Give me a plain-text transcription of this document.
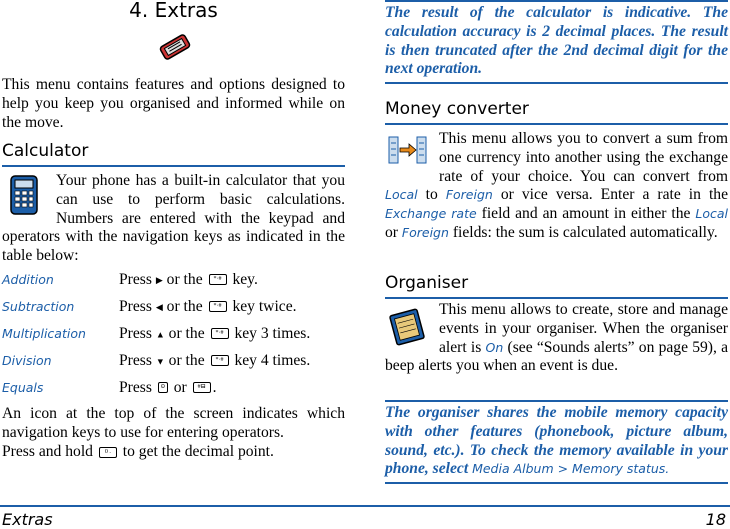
4. Extras
This menu contains features and options designed to help you keep you organised and informed while on the move.
Calculator
Your phone has a built-in calculator that you can use to perform basic calculations. Numbers are entered with the keypad and operators with the navigation keys as indicated in the table below:
Addition	Press ▶ or the *·# key.
Subtraction	Press ◀ or the *·# key twice.
Multiplication	Press ▲ or the *·# key 3 times.
Division	Press ▼ or the *·# key 4 times.
Equals	Press ⊙ or #⊟ .
An icon at the top of the screen indicates which navigation keys to use for entering operators.
Press and hold 0 . to get the decimal point.
The result of the calculator is indicative. The calculation accuracy is 2 decimal places. The result is then truncated after the 2nd decimal digit for the next operation.
Money converter
This menu allows you to convert a sum from one currency into another using the exchange rate of your choice. You can convert from Local to Foreign or vice versa. Enter a rate in the Exchange rate field and an amount in either the Local or Foreign fields: the sum is calculated automatically.
Organiser
This menu allows to create, store and manage events in your organiser. When the organiser alert is On (see “Sounds alerts” on page 59), a beep alerts you when an event is due.
The organiser shares the mobile memory capacity with other features (phonebook, picture album, sound, etc.). To check the memory available in your phone, select Media Album > Memory status.
Extras	18
